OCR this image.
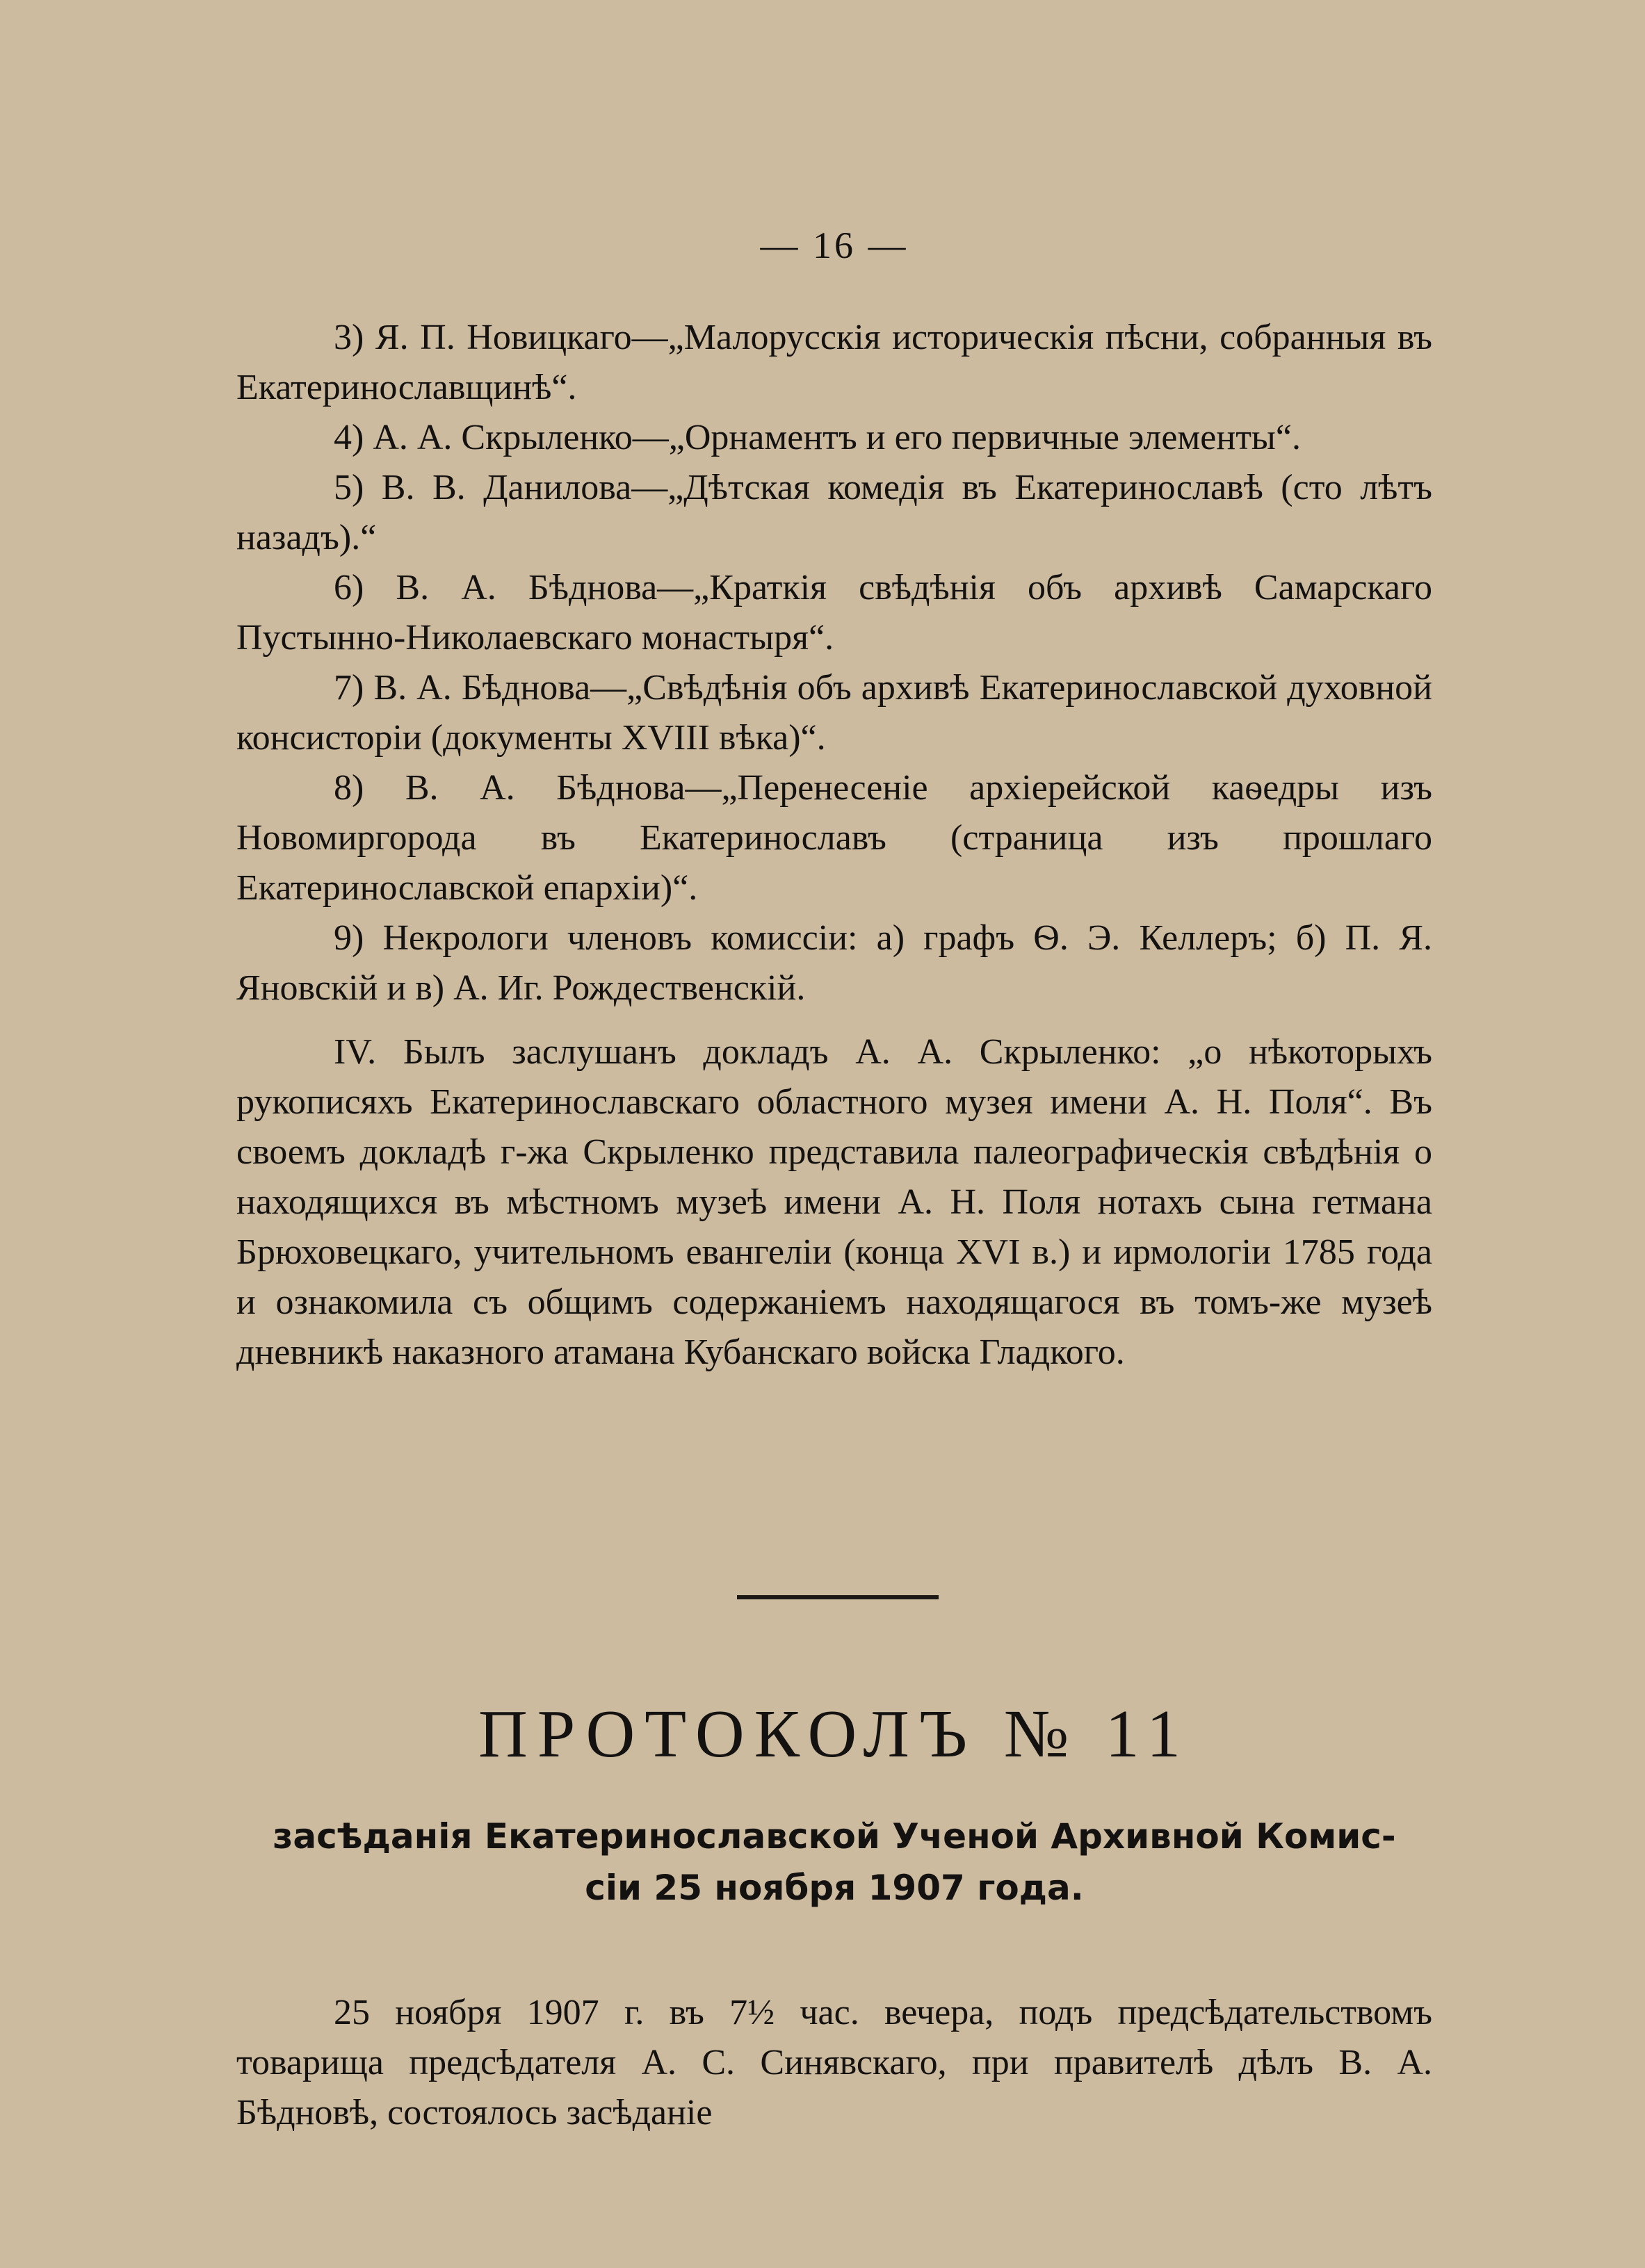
— 16 —

3) Я. П. Новицкаго—„Малорусскія историческія пѣсни, собранныя въ Екатеринославщинѣ“.

4) А. А. Скрыленко—„Орнаментъ и его первичные элементы“.

5) В. В. Данилова—„Дѣтская комедія въ Екатеринославѣ (сто лѣтъ назадъ).“

6) В. А. Бѣднова—„Краткія свѣдѣнія объ архивѣ Самарскаго Пустынно-Николаевскаго монастыря“.

7) В. А. Бѣднова—„Свѣдѣнія объ архивѣ Екатеринославской духовной консисторіи (документы XVIII вѣка)“.

8) В. А. Бѣднова—„Перенесеніе архіерейской каѳедры изъ Новомиргорода въ Екатеринославъ (страница изъ прошлаго Екатеринославской епархіи)“.

9) Некрологи членовъ комиссіи: а) графъ Ѳ. Э. Келлеръ; б) П. Я. Яновскій и в) А. Иг. Рождественскій.

IV. Былъ заслушанъ докладъ А. А. Скрыленко: „о нѣкоторыхъ рукописяхъ Екатеринославскаго областного музея имени А. Н. Поля“. Въ своемъ докладѣ г-жа Скрыленко представила палеографическія свѣдѣнія о находящихся въ мѣстномъ музеѣ имени А. Н. Поля нотахъ сына гетмана Брюховецкаго, учительномъ евангеліи (конца XVI в.) и ирмологіи 1785 года и ознакомила съ общимъ содержаніемъ находящагося въ томъ-же музеѣ дневникѣ наказного атамана Кубанскаго войска Гладкого.

ПРОТОКОЛЪ № 11
засѣданія Екатеринославской Ученой Архивной Комис-
сіи 25 ноября 1907 года.

25 ноября 1907 г. въ 7½ час. вечера, подъ предсѣдательствомъ товарища предсѣдателя А. С. Синявскаго, при правителѣ дѣлъ В. А. Бѣдновѣ, состоялось засѣданіе
